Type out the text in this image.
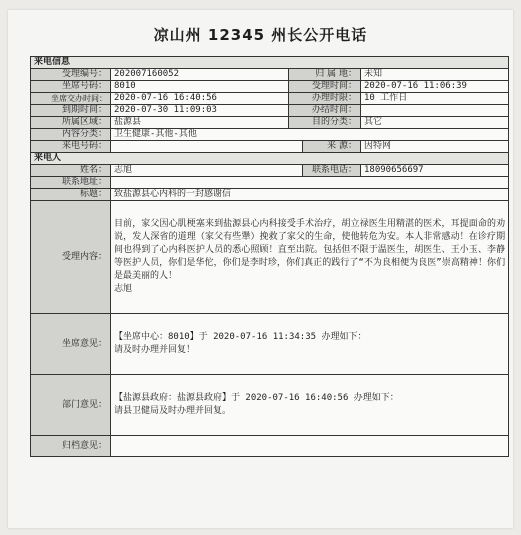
凉山州 12345 州长公开电话
来电信息				
受理编号：	202007160052	归 属 地：		未知
坐席号码：	8010	受理时间：		2020-07-16 11:06:39
坐席交办时间：	2020-07-16 16:40:56	办理时限：		10 工作日
到期时间：	2020-07-30 11:09:03	办结时间：		
所属区域：	盐源县	目的分类：		其它
内容分类：	卫生健康-其他-其他			
来电号码：			来 源：	因特网
来电人				
姓名：	志旭		联系电话：	18090656697
联系地址：				
标题：	致盐源县心内科的一封感谢信			
受理内容：	目前，家父因心肌梗塞来到盐源县心内科接受手术治疗，胡立禄医生用精湛的医术，耳提面命的劝说，发人深省的道理（家父有些犟）挽救了家父的生命，使他转危为安。本人非常感动！在诊疗期间也得到了心内科医护人员的悉心照顾！直至出院。包括但不限于温医生，胡医生、王小玉、李静等医护人员，你们是华佗，你们是李时珍，你们真正的践行了“不为良相便为良医”崇高精神！你们是最美丽的人！
志旭			

坐席意见：	【坐席中心：8010】于 2020-07-16 11:34:35 办理如下：
请及时办理并回复！			

部门意见：	【盐源县政府：盐源县政府】于 2020-07-16 16:40:56 办理如下：
请县卫健局及时办理并回复。			

归档意见：				
